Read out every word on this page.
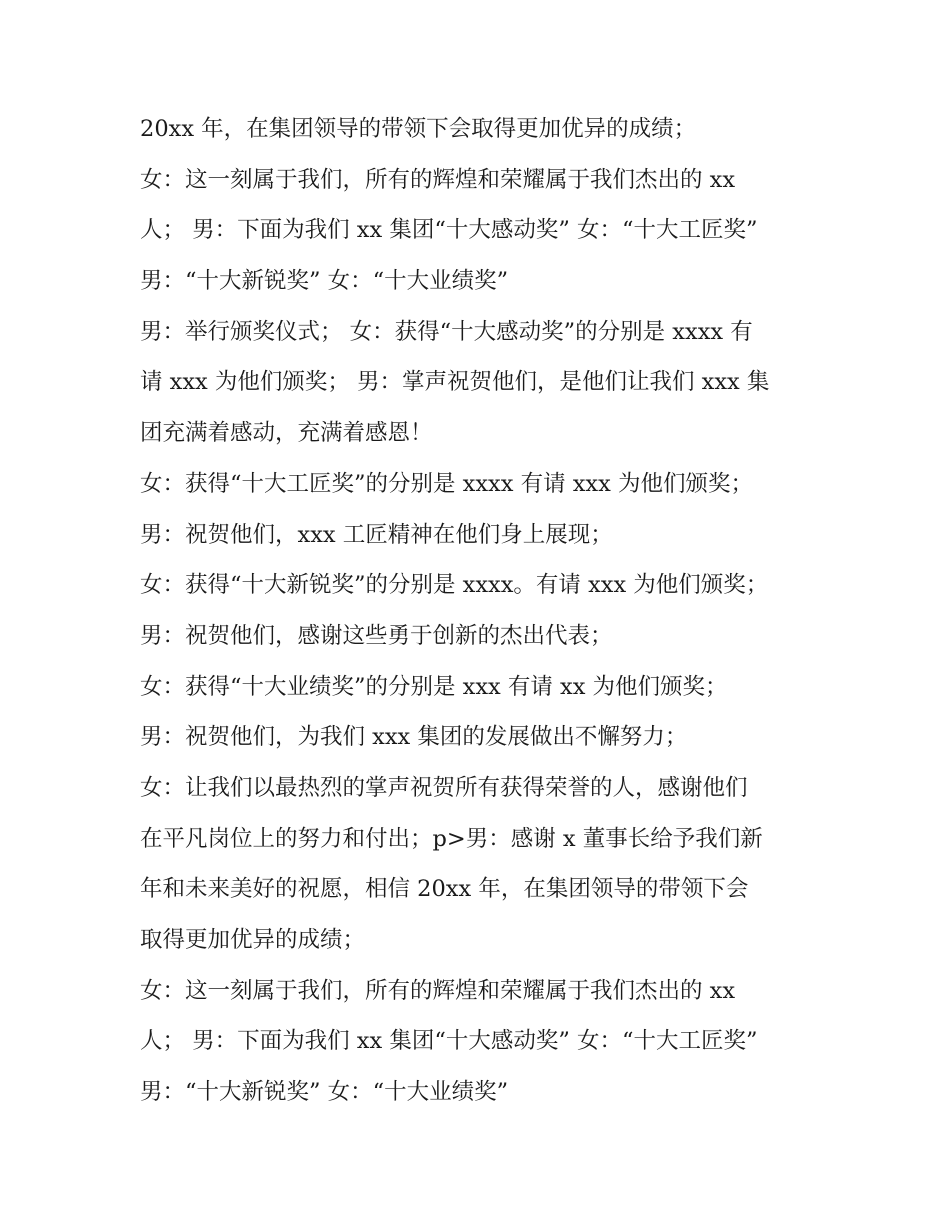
20xx 年，在集团领导的带领下会取得更加优异的成绩；
女：这一刻属于我们，所有的辉煌和荣耀属于我们杰出的 xx
人； 男：下面为我们 xx 集团“十大感动奖” 女：“十大工匠奖”
男：“十大新锐奖” 女：“十大业绩奖”
男：举行颁奖仪式； 女：获得“十大感动奖”的分别是 xxxx 有
请 xxx 为他们颁奖； 男：掌声祝贺他们，是他们让我们 xxx 集
团充满着感动，充满着感恩！
女：获得“十大工匠奖”的分别是 xxxx 有请 xxx 为他们颁奖；
男：祝贺他们，xxx 工匠精神在他们身上展现；
女：获得“十大新锐奖”的分别是 xxxx。有请 xxx 为他们颁奖；
男：祝贺他们，感谢这些勇于创新的杰出代表；
女：获得“十大业绩奖”的分别是 xxx 有请 xx 为他们颁奖；
男：祝贺他们，为我们 xxx 集团的发展做出不懈努力；
女：让我们以最热烈的掌声祝贺所有获得荣誉的人，感谢他们
在平凡岗位上的努力和付出；p>男：感谢 x 董事长给予我们新
年和未来美好的祝愿，相信 20xx 年，在集团领导的带领下会
取得更加优异的成绩；
女：这一刻属于我们，所有的辉煌和荣耀属于我们杰出的 xx
人； 男：下面为我们 xx 集团“十大感动奖” 女：“十大工匠奖”
男：“十大新锐奖” 女：“十大业绩奖”
